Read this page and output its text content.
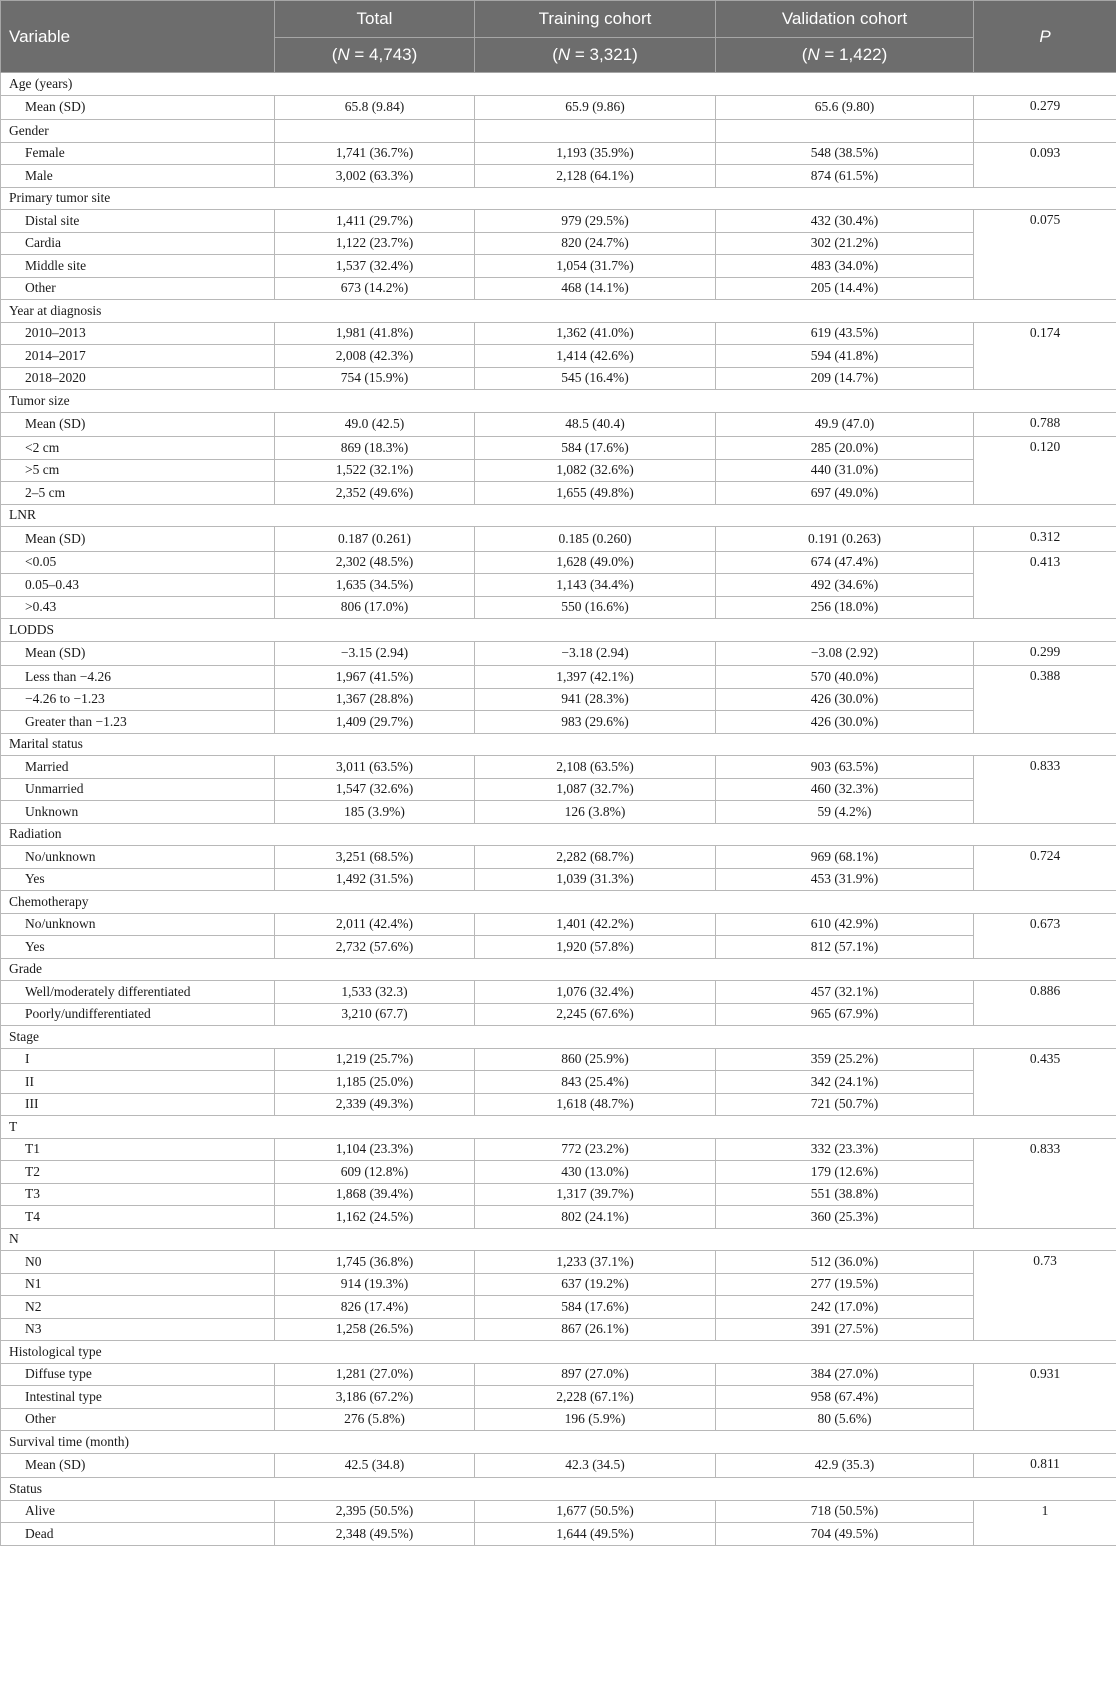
Variable	Total	Training cohort	Validation cohort	P
	(N = 4,743)	(N = 3,321)	(N = 1,422)	
Age (years)				
Mean (SD)	65.8 (9.84)	65.9 (9.86)	65.6 (9.80)	0.279
Gender				
Female	1,741 (36.7%)	1,193 (35.9%)	548 (38.5%)	0.093
Male	3,002 (63.3%)	2,128 (64.1%)	874 (61.5%)	
Primary tumor site				
Distal site	1,411 (29.7%)	979 (29.5%)	432 (30.4%)	0.075
Cardia	1,122 (23.7%)	820 (24.7%)	302 (21.2%)	
Middle site	1,537 (32.4%)	1,054 (31.7%)	483 (34.0%)	
Other	673 (14.2%)	468 (14.1%)	205 (14.4%)	
Year at diagnosis				
2010–2013	1,981 (41.8%)	1,362 (41.0%)	619 (43.5%)	0.174
2014–2017	2,008 (42.3%)	1,414 (42.6%)	594 (41.8%)	
2018–2020	754 (15.9%)	545 (16.4%)	209 (14.7%)	
Tumor size				
Mean (SD)	49.0 (42.5)	48.5 (40.4)	49.9 (47.0)	0.788
<2 cm	869 (18.3%)	584 (17.6%)	285 (20.0%)	0.120
>5 cm	1,522 (32.1%)	1,082 (32.6%)	440 (31.0%)	
2–5 cm	2,352 (49.6%)	1,655 (49.8%)	697 (49.0%)	
LNR				
Mean (SD)	0.187 (0.261)	0.185 (0.260)	0.191 (0.263)	0.312
<0.05	2,302 (48.5%)	1,628 (49.0%)	674 (47.4%)	0.413
0.05–0.43	1,635 (34.5%)	1,143 (34.4%)	492 (34.6%)	
>0.43	806 (17.0%)	550 (16.6%)	256 (18.0%)	
LODDS				
Mean (SD)	−3.15 (2.94)	−3.18 (2.94)	−3.08 (2.92)	0.299
Less than −4.26	1,967 (41.5%)	1,397 (42.1%)	570 (40.0%)	0.388
−4.26 to −1.23	1,367 (28.8%)	941 (28.3%)	426 (30.0%)	
Greater than −1.23	1,409 (29.7%)	983 (29.6%)	426 (30.0%)	
Marital status				
Married	3,011 (63.5%)	2,108 (63.5%)	903 (63.5%)	0.833
Unmarried	1,547 (32.6%)	1,087 (32.7%)	460 (32.3%)	
Unknown	185 (3.9%)	126 (3.8%)	59 (4.2%)	
Radiation				
No/unknown	3,251 (68.5%)	2,282 (68.7%)	969 (68.1%)	0.724
Yes	1,492 (31.5%)	1,039 (31.3%)	453 (31.9%)	
Chemotherapy				
No/unknown	2,011 (42.4%)	1,401 (42.2%)	610 (42.9%)	0.673
Yes	2,732 (57.6%)	1,920 (57.8%)	812 (57.1%)	
Grade				
Well/moderately differentiated	1,533 (32.3)	1,076 (32.4%)	457 (32.1%)	0.886
Poorly/undifferentiated	3,210 (67.7)	2,245 (67.6%)	965 (67.9%)	
Stage				
I	1,219 (25.7%)	860 (25.9%)	359 (25.2%)	0.435
II	1,185 (25.0%)	843 (25.4%)	342 (24.1%)	
III	2,339 (49.3%)	1,618 (48.7%)	721 (50.7%)	
T				
T1	1,104 (23.3%)	772 (23.2%)	332 (23.3%)	0.833
T2	609 (12.8%)	430 (13.0%)	179 (12.6%)	
T3	1,868 (39.4%)	1,317 (39.7%)	551 (38.8%)	
T4	1,162 (24.5%)	802 (24.1%)	360 (25.3%)	
N				
N0	1,745 (36.8%)	1,233 (37.1%)	512 (36.0%)	0.73
N1	914 (19.3%)	637 (19.2%)	277 (19.5%)	
N2	826 (17.4%)	584 (17.6%)	242 (17.0%)	
N3	1,258 (26.5%)	867 (26.1%)	391 (27.5%)	
Histological type				
Diffuse type	1,281 (27.0%)	897 (27.0%)	384 (27.0%)	0.931
Intestinal type	3,186 (67.2%)	2,228 (67.1%)	958 (67.4%)	
Other	276 (5.8%)	196 (5.9%)	80 (5.6%)	
Survival time (month)				
Mean (SD)	42.5 (34.8)	42.3 (34.5)	42.9 (35.3)	0.811
Status				
Alive	2,395 (50.5%)	1,677 (50.5%)	718 (50.5%)	1
Dead	2,348 (49.5%)	1,644 (49.5%)	704 (49.5%)	
